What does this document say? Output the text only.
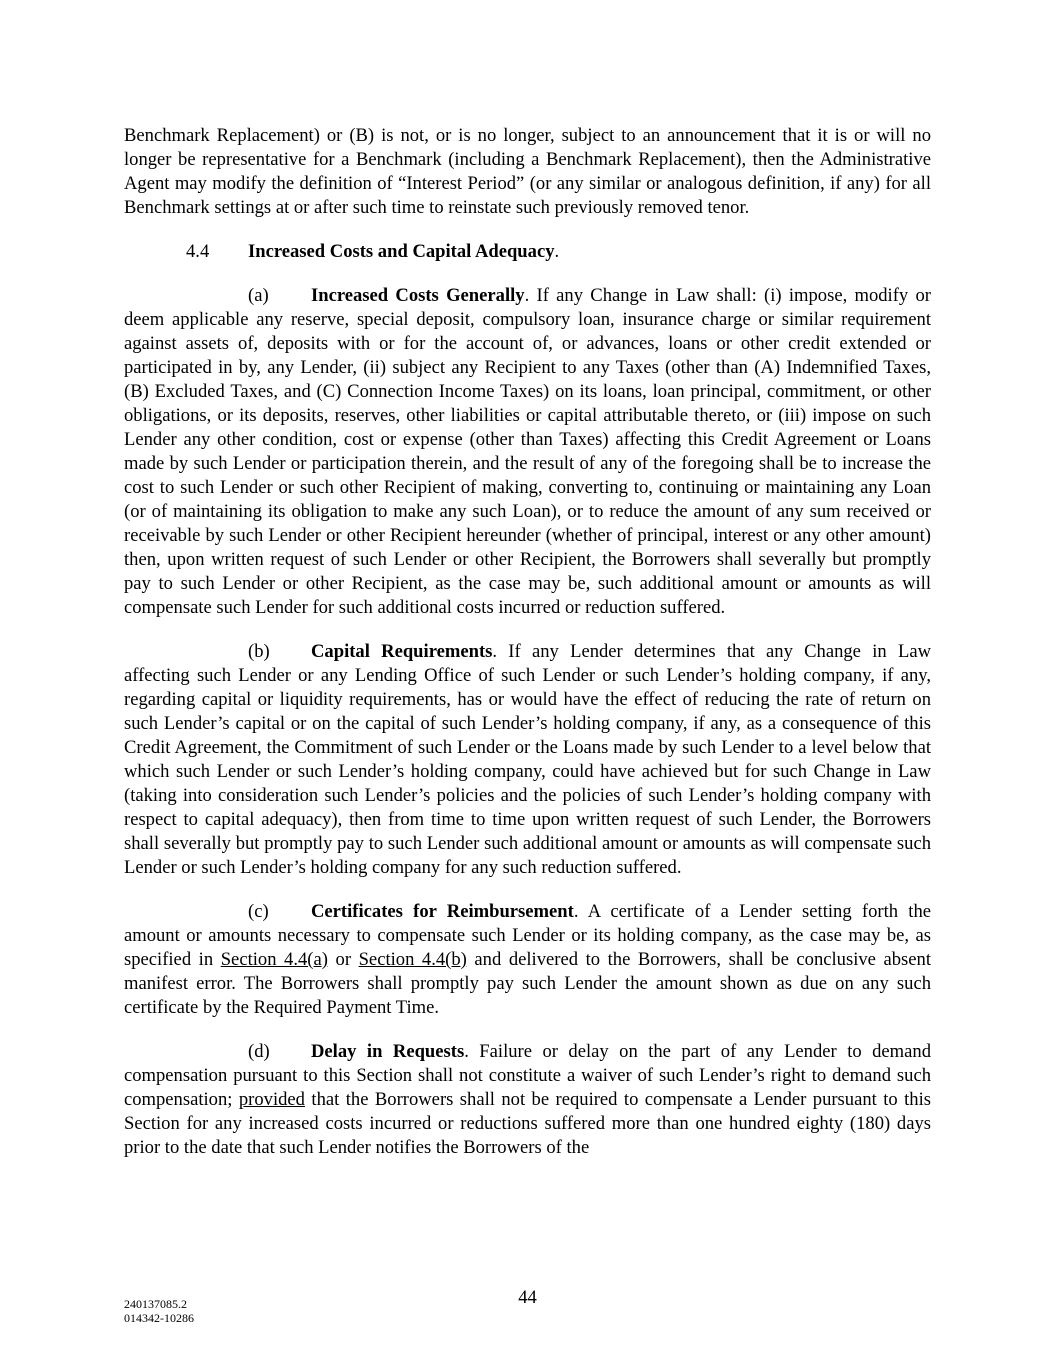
Benchmark Replacement) or (B) is not, or is no longer, subject to an announcement that it is or will no longer be representative for a Benchmark (including a Benchmark Replacement), then the Administrative Agent may modify the definition of “Interest Period” (or any similar or analogous definition, if any) for all Benchmark settings at or after such time to reinstate such previously removed tenor.

4.4 Increased Costs and Capital Adequacy.

(a) Increased Costs Generally. If any Change in Law shall: (i) impose, modify or deem applicable any reserve, special deposit, compulsory loan, insurance charge or similar requirement against assets of, deposits with or for the account of, or advances, loans or other credit extended or participated in by, any Lender, (ii) subject any Recipient to any Taxes (other than (A) Indemnified Taxes, (B) Excluded Taxes, and (C) Connection Income Taxes) on its loans, loan principal, commitment, or other obligations, or its deposits, reserves, other liabilities or capital attributable thereto, or (iii) impose on such Lender any other condition, cost or expense (other than Taxes) affecting this Credit Agreement or Loans made by such Lender or participation therein, and the result of any of the foregoing shall be to increase the cost to such Lender or such other Recipient of making, converting to, continuing or maintaining any Loan (or of maintaining its obligation to make any such Loan), or to reduce the amount of any sum received or receivable by such Lender or other Recipient hereunder (whether of principal, interest or any other amount) then, upon written request of such Lender or other Recipient, the Borrowers shall severally but promptly pay to such Lender or other Recipient, as the case may be, such additional amount or amounts as will compensate such Lender for such additional costs incurred or reduction suffered.

(b) Capital Requirements. If any Lender determines that any Change in Law affecting such Lender or any Lending Office of such Lender or such Lender’s holding company, if any, regarding capital or liquidity requirements, has or would have the effect of reducing the rate of return on such Lender’s capital or on the capital of such Lender’s holding company, if any, as a consequence of this Credit Agreement, the Commitment of such Lender or the Loans made by such Lender to a level below that which such Lender or such Lender’s holding company, could have achieved but for such Change in Law (taking into consideration such Lender’s policies and the policies of such Lender’s holding company with respect to capital adequacy), then from time to time upon written request of such Lender, the Borrowers shall severally but promptly pay to such Lender such additional amount or amounts as will compensate such Lender or such Lender’s holding company for any such reduction suffered.

(c) Certificates for Reimbursement. A certificate of a Lender setting forth the amount or amounts necessary to compensate such Lender or its holding company, as the case may be, as specified in Section 4.4(a) or Section 4.4(b) and delivered to the Borrowers, shall be conclusive absent manifest error. The Borrowers shall promptly pay such Lender the amount shown as due on any such certificate by the Required Payment Time.

(d) Delay in Requests. Failure or delay on the part of any Lender to demand compensation pursuant to this Section shall not constitute a waiver of such Lender’s right to demand such compensation; provided that the Borrowers shall not be required to compensate a Lender pursuant to this Section for any increased costs incurred or reductions suffered more than one hundred eighty (180) days prior to the date that such Lender notifies the Borrowers of the

240137085.2
014342-10286
44
